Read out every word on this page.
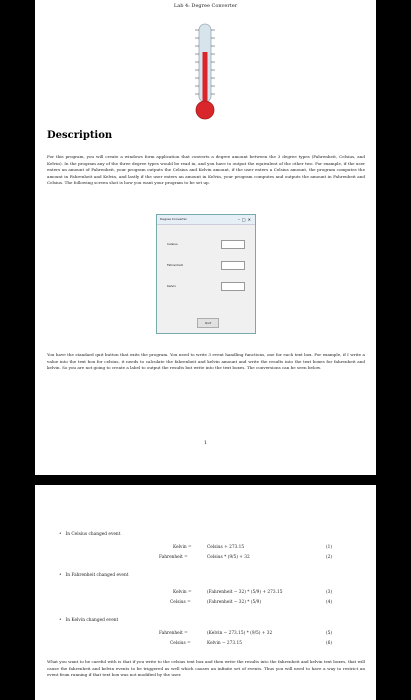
Lab 4: Degree Converter
Description

For this program, you will create a windows form application that converts a degree amount between the 3 degree types (Fahrenheit, Celsius, and Kelvin). In the program any of the three degree types would be read in, and you have to output the equivalent of the other two. For example, if the user enters an amount of Fahrenheit, your program outputs the Celsius and Kelvin amount, if the user enters a Celsius amount, the program computes the amount in Fahrenheit and Kelvin, and lastly if the user enters an amount in Kelvin, your program computes and outputs the amount in Fahrenheit and Celsius. The following screen shot is how you want your program to be set up.

Degree Converter	–□✕
Celsius
Fahrenheit
Kelvin
Quit

You have the standard quit button that exits the program. You need to write 3 event handling functions, one for each text box. For example, if I write a value into the text box for celsius, it needs to calculate the fahrenheit and kelvin amount and write the results into the text boxes for fahrenheit and kelvin. So you are not going to create a label to output the results but write into the text boxes. The conversions can be seen below.

1
• In Celsius changed event
Kelvin =	Celsius + 273.15	(1)
Fahrenheit =	Celsius * (9/5) + 32	(2)
• In Fahrenheit changed event
Kelvin =	(Fahrenheit − 32) * (5/9) + 273.15	(3)
Celsius =	(Fahrenheit − 32) * (5/9)	(4)
• In Kelvin changed event
Fahrenheit =	(Kelvin − 273.15) * (9/5) + 32	(5)
Celsius =	Kelvin − 273.15	(6)

What you want to be careful with is that if you write to the celsius text box and then write the results into the fahrenheit and kelvin text boxes, that will cause the fahrenheit and kelvin events to be triggered as well which causes an infinite set of events. Thus you will need to have a way to restrict an event from running if that text box was not modified by the user.
